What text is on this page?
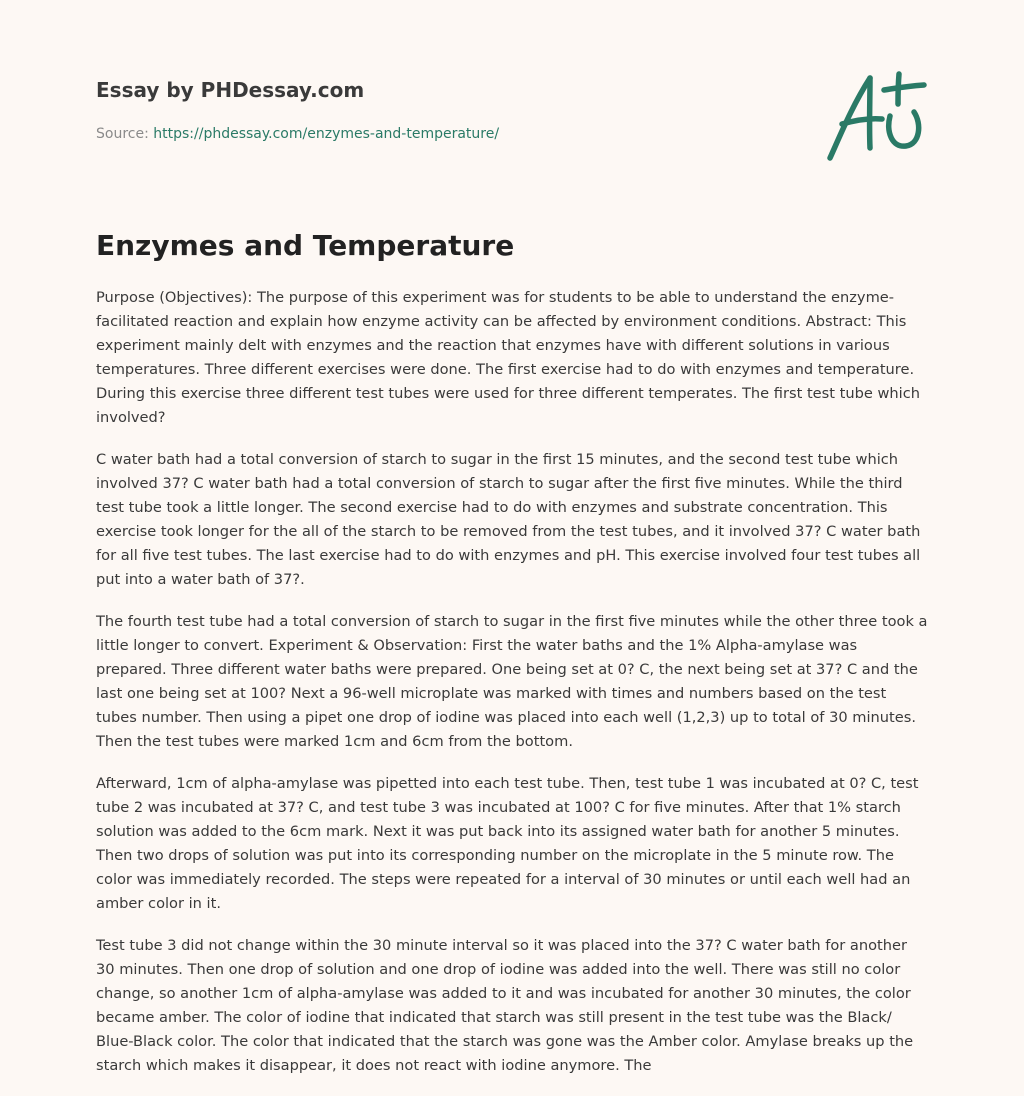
Essay by PHDessay.com
Source: https://phdessay.com/enzymes-and-temperature/
Enzymes and Temperature

Purpose (Objectives): The purpose of this experiment was for students to be able to understand the enzyme-facilitated reaction and explain how enzyme activity can be affected by environment conditions. Abstract: This experiment mainly delt with enzymes and the reaction that enzymes have with different solutions in various temperatures. Three different exercises were done. The first exercise had to do with enzymes and temperature. During this exercise three different test tubes were used for three different temperates. The first test tube which involved?

C water bath had a total conversion of starch to sugar in the first 15 minutes, and the second test tube which involved 37? C water bath had a total conversion of starch to sugar after the first five minutes. While the third test tube took a little longer. The second exercise had to do with enzymes and substrate concentration. This exercise took longer for the all of the starch to be removed from the test tubes, and it involved 37? C water bath for all five test tubes. The last exercise had to do with enzymes and pH. This exercise involved four test tubes all put into a water bath of 37?.

The fourth test tube had a total conversion of starch to sugar in the first five minutes while the other three took a little longer to convert. Experiment & Observation: First the water baths and the 1% Alpha-amylase was prepared. Three different water baths were prepared. One being set at 0? C, the next being set at 37? C and the last one being set at 100? Next a 96-well microplate was marked with times and numbers based on the test tubes number. Then using a pipet one drop of iodine was placed into each well (1,2,3) up to total of 30 minutes. Then the test tubes were marked 1cm and 6cm from the bottom.

Afterward, 1cm of alpha-amylase was pipetted into each test tube. Then, test tube 1 was incubated at 0? C, test tube 2 was incubated at 37? C, and test tube 3 was incubated at 100? C for five minutes. After that 1% starch solution was added to the 6cm mark. Next it was put back into its assigned water bath for another 5 minutes. Then two drops of solution was put into its corresponding number on the microplate in the 5 minute row. The color was immediately recorded. The steps were repeated for a interval of 30 minutes or until each well had an amber color in it.

Test tube 3 did not change within the 30 minute interval so it was placed into the 37? C water bath for another 30 minutes. Then one drop of solution and one drop of iodine was added into the well. There was still no color change, so another 1cm of alpha-amylase was added to it and was incubated for another 30 minutes, the color became amber. The color of iodine that indicated that starch was still present in the test tube was the Black/ Blue-Black color. The color that indicated that the starch was gone was the Amber color. Amylase breaks up the starch which makes it disappear, it does not react with iodine anymore. The
